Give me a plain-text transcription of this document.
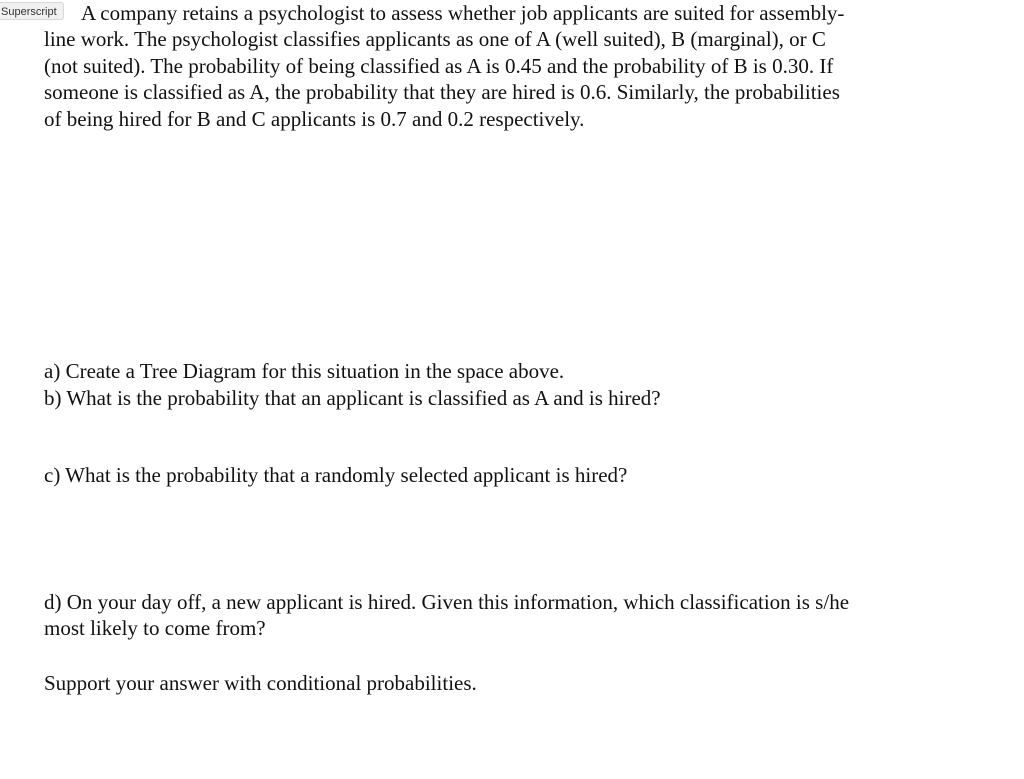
Superscript	A company retains a psychologist to assess whether job applicants are suited for assembly-

line work. The psychologist classifies applicants as one of A (well suited), B (marginal), or C
(not suited). The probability of being classified as A is 0.45 and the probability of B is 0.30. If
someone is classified as A, the probability that they are hired is 0.6. Similarly, the probabilities
of being hired for B and C applicants is 0.7 and 0.2 respectively.

a) Create a Tree Diagram for this situation in the space above.

b) What is the probability that an applicant is classified as A and is hired?

c) What is the probability that a randomly selected applicant is hired?

d) On your day off, a new applicant is hired. Given this information, which classification is s/he

most likely to come from?

Support your answer with conditional probabilities.
